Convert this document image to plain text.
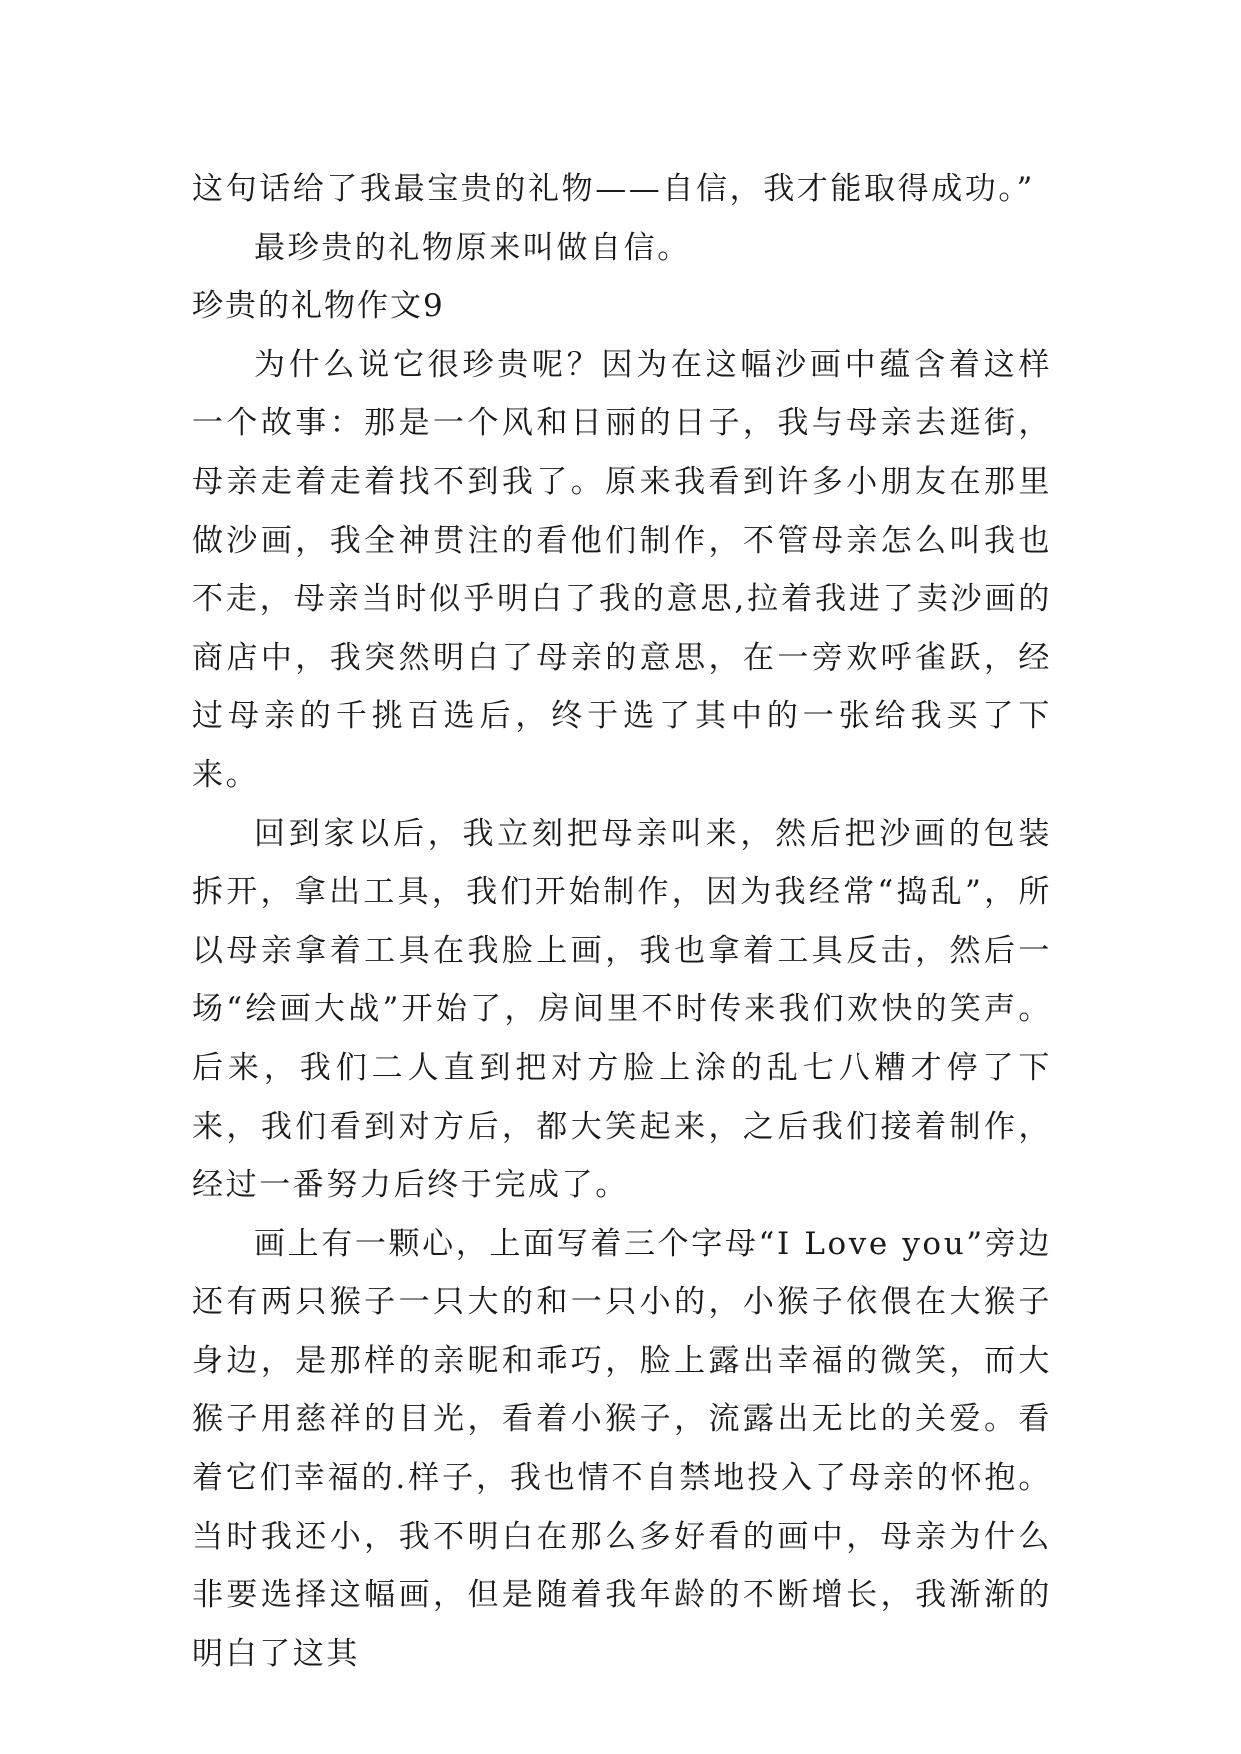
这句话给了我最宝贵的礼物——自信，我才能取得成功。”

最珍贵的礼物原来叫做自信。

珍贵的礼物作文9

为什么说它很珍贵呢？因为在这幅沙画中蕴含着这样一个故事：那是一个风和日丽的日子，我与母亲去逛街，母亲走着走着找不到我了。原来我看到许多小朋友在那里做沙画，我全神贯注的看他们制作，不管母亲怎么叫我也不走，母亲当时似乎明白了我的意思,拉着我进了卖沙画的商店中，我突然明白了母亲的意思，在一旁欢呼雀跃，经过母亲的千挑百选后，终于选了其中的一张给我买了下来。

回到家以后，我立刻把母亲叫来，然后把沙画的包装拆开，拿出工具，我们开始制作，因为我经常“捣乱”，所以母亲拿着工具在我脸上画，我也拿着工具反击，然后一场“绘画大战”开始了，房间里不时传来我们欢快的笑声。后来，我们二人直到把对方脸上涂的乱七八糟才停了下来，我们看到对方后，都大笑起来，之后我们接着制作，经过一番努力后终于完成了。

画上有一颗心，上面写着三个字母“I Love you”旁边还有两只猴子一只大的和一只小的，小猴子依偎在大猴子身边，是那样的亲昵和乖巧，脸上露出幸福的微笑，而大猴子用慈祥的目光，看着小猴子，流露出无比的关爱。看着它们幸福的.样子，我也情不自禁地投入了母亲的怀抱。当时我还小，我不明白在那么多好看的画中，母亲为什么非要选择这幅画，但是随着我年龄的不断增长，我渐渐的明白了这其
